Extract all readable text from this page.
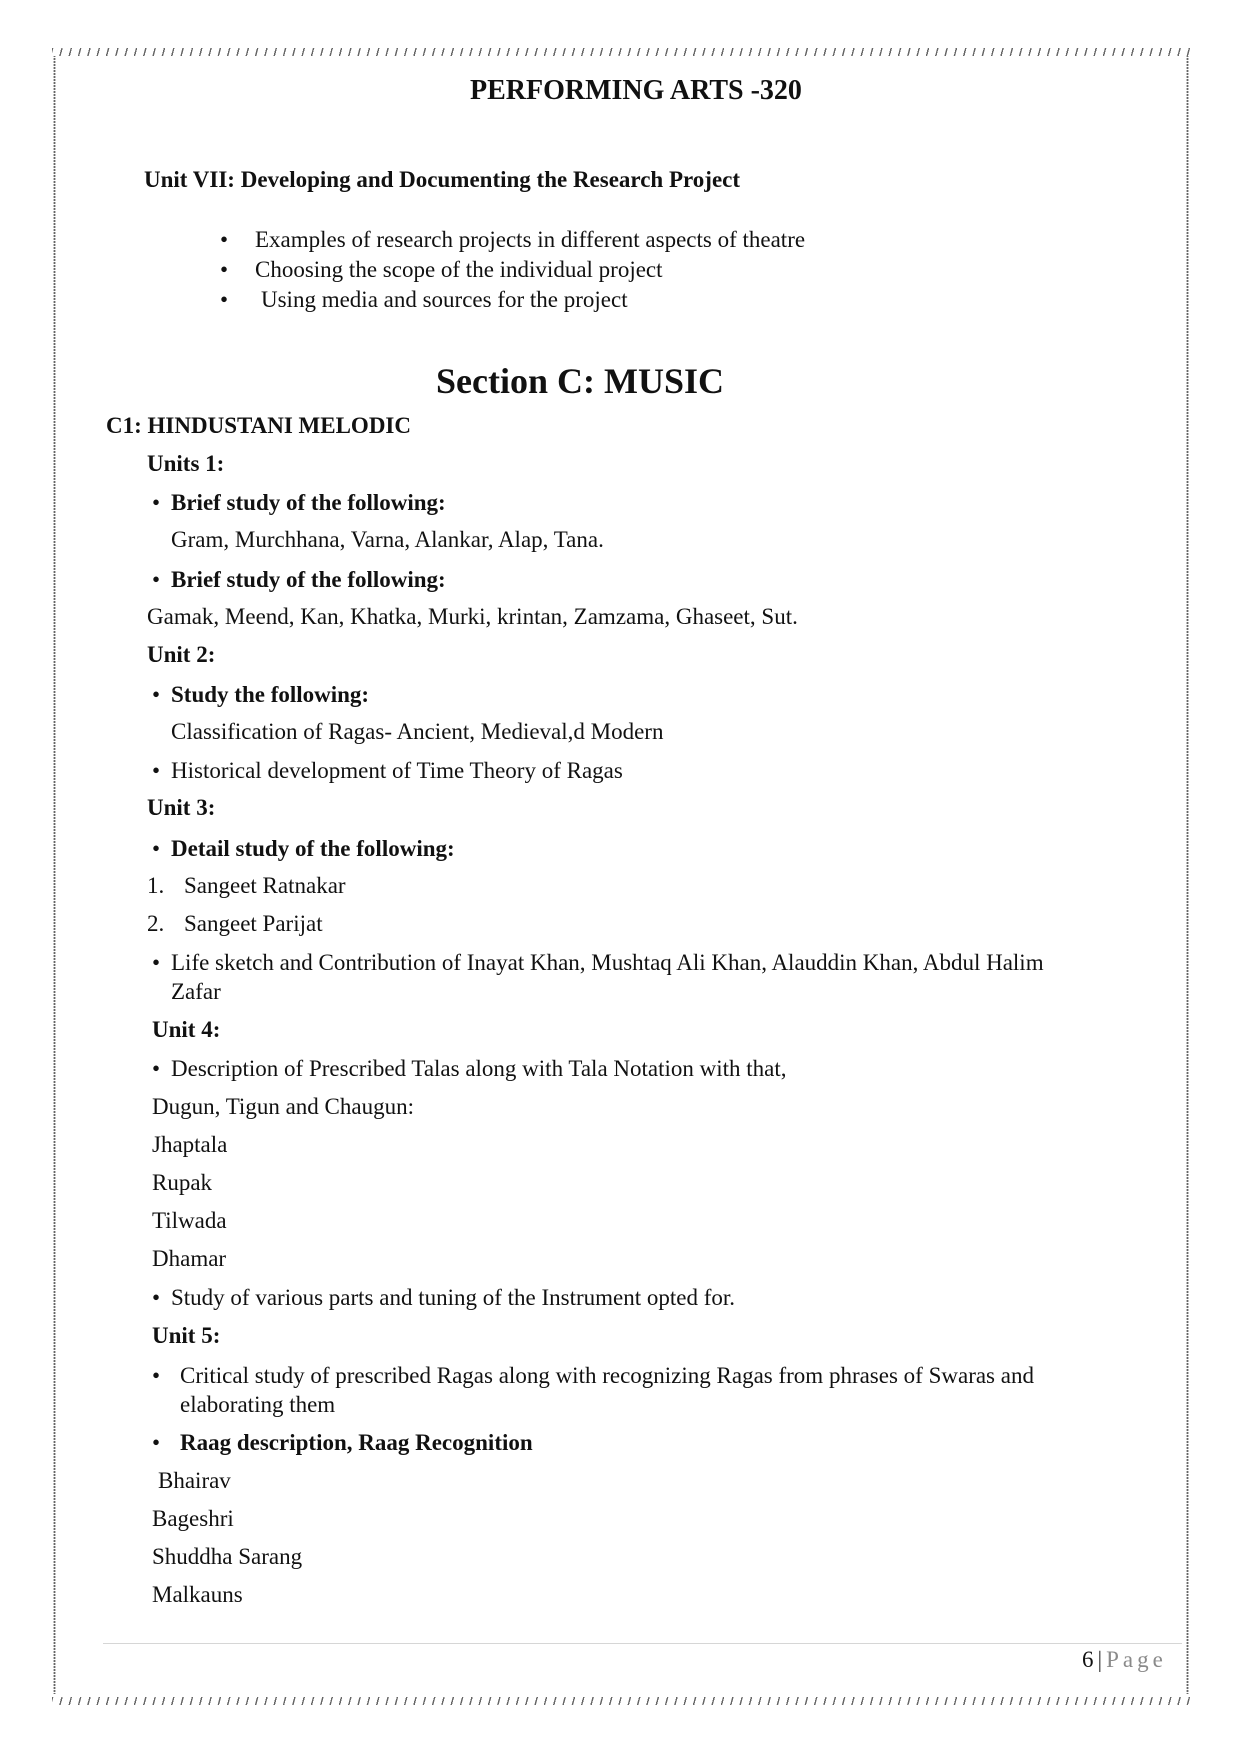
PERFORMING ARTS -320
Unit VII: Developing and Documenting the Research Project
• Examples of research projects in different aspects of theatre
• Choosing the scope of the individual project
• Using media and sources for the project
Section C: MUSIC
C1: HINDUSTANI MELODIC
Units 1:
• Brief study of the following:
Gram, Murchhana, Varna, Alankar, Alap, Tana.
• Brief study of the following:
Gamak, Meend, Kan, Khatka, Murki, krintan, Zamzama, Ghaseet, Sut.
Unit 2:
• Study the following:
Classification of Ragas- Ancient, Medieval,d Modern
• Historical development of Time Theory of Ragas
Unit 3:
• Detail study of the following:
1. Sangeet Ratnakar
2. Sangeet Parijat
• Life sketch and Contribution of Inayat Khan, Mushtaq Ali Khan, Alauddin Khan, Abdul Halim
Zafar
Unit 4:
• Description of Prescribed Talas along with Tala Notation with that,
Dugun, Tigun and Chaugun:
Jhaptala
Rupak
Tilwada
Dhamar
• Study of various parts and tuning of the Instrument opted for.
Unit 5:
• Critical study of prescribed Ragas along with recognizing Ragas from phrases of Swaras and
elaborating them
• Raag description, Raag Recognition
Bhairav
Bageshri
Shuddha Sarang
Malkauns
6 | Page
